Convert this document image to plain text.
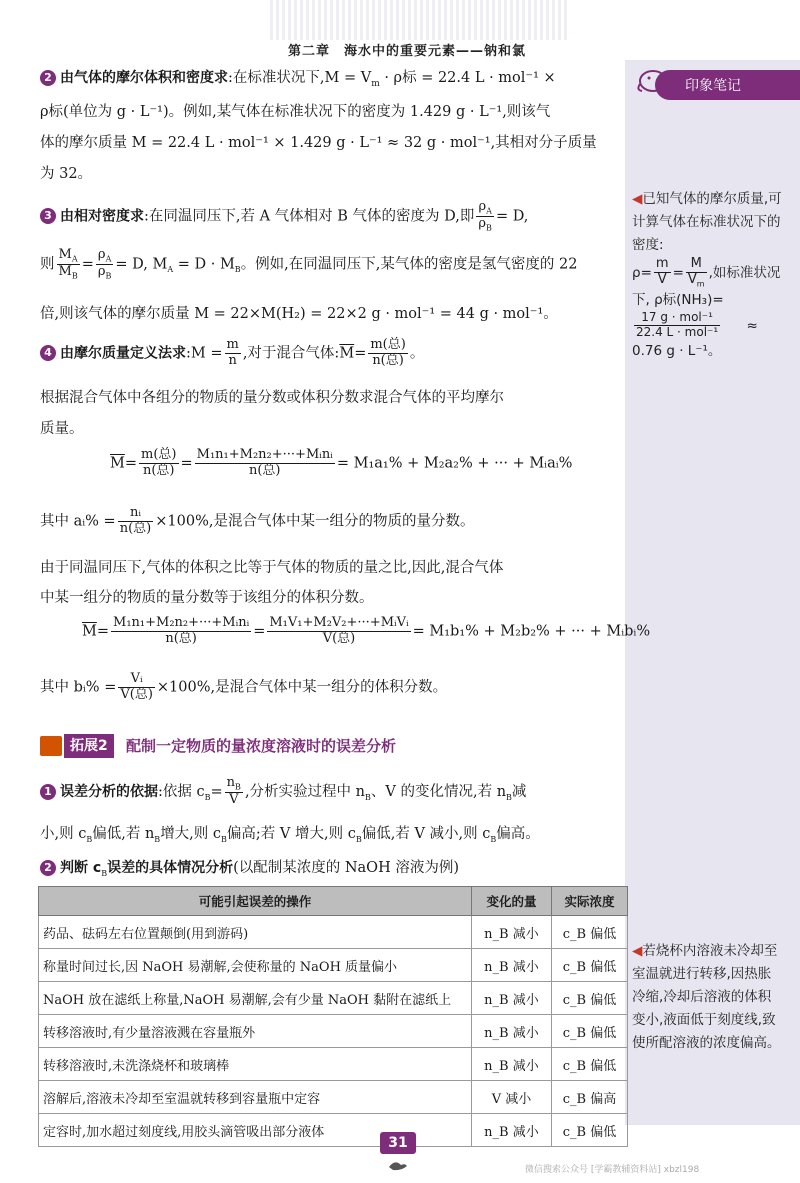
第二章　海水中的重要元素——钠和氯
印象笔记
2 由气体的摩尔体积和密度求:在标准状况下$,M = V_m \cdot \rho$标 = 22.4 L · mol⁻¹ ×
ρ标(单位为 g · L⁻¹)。例如,某气体在标准状况下的密度为 1.429 g · L⁻¹,则该气
体的摩尔质量 M = 22.4 L · mol⁻¹ × 1.429 g · L⁻¹ ≈ 32 g · mol⁻¹,其相对分子质量
为 32。
3 由相对密度求:在同温同压下,若 A 气体相对 B 气体的密度为 D,即 $\frac{\rho_A}{\rho_B} = D$,
则 $\frac{M_A}{M_B} = \frac{\rho_A}{\rho_B} = D$, $M_A = D \cdot M_B$。例如,在同温同压下,某气体的密度是氢气密度的 22
倍,则该气体的摩尔质量 M = 22×M(H₂) = 22×2 g · mol⁻¹ = 44 g · mol⁻¹。
4 由摩尔质量定义法求:M = $\frac{m}{n}$ ,对于混合气体$:\overline{M}= \frac{\text{m(总)}}{\text{n(总)}}$ 。
根据混合气体中各组分的物质的量分数或体积分数求混合气体的平均摩尔
质量。
$\overline{M}= \frac{\text{m(总)}}{\text{n(总)}} = \frac{\text{M₁n₁+M₂n₂+···+Mᵢnᵢ}}{\text{n(总)}} = M_1a_1\% + M_2a_2\%$ + ··· + Mᵢaᵢ%
其中 aᵢ% = $\frac{\text{nᵢ}}{\text{n(总)}} \times 100\%$,是混合气体中某一组分的物质的量分数。
由于同温同压下,气体的体积之比等于气体的物质的量之比,因此,混合气体
中某一组分的物质的量分数等于该组分的体积分数。
$\overline{M}= \frac{\text{M₁n₁+M₂n₂+···+Mᵢnᵢ}}{\text{n(总)}} = \frac{\text{M₁V₁+M₂V₂+···+MᵢVᵢ}}{\text{V(总)}} = M_1b_1\% + M_2b_2\%$ + ··· + Mᵢbᵢ%
其中 bᵢ% = $\frac{\text{Vᵢ}}{\text{V(总)}} \times 100\%$,是混合气体中某一组分的体积分数。
拓展2	配制一定物质的量浓度溶液时的误差分析
1 误差分析的依据:依据 $c_B= \frac{n_B}{V}$ ,分析实验过程中 $n_B$、V 的变化情况,若 $n_B$减
小,则 $c_B$偏低,若 $n_B$增大,则 $c_B$偏高;若 V 增大,则 $c_B$偏低,若 V 减小,则 $c_B$偏高。
2 判断 $c_B$误差的具体情况分析(以配制某浓度的 NaOH 溶液为例)
可能引起误差的操作	变化的量	实际浓度
药品、砝码左右位置颠倒(用到游码)	n_B 减小	c_B 偏低
称量时间过长,因 NaOH 易潮解,会使称量的 NaOH 质量偏小	n_B 减小	c_B 偏低
NaOH 放在滤纸上称量,NaOH 易潮解,会有少量 NaOH 黏附在滤纸上	n_B 减小	c_B 偏低
转移溶液时,有少量溶液溅在容量瓶外	n_B 减小	c_B 偏低
转移溶液时,未洗涤烧杯和玻璃棒	n_B 减小	c_B 偏低
溶解后,溶液未冷却至室温就转移到容量瓶中定容	V 减小	c_B 偏高
定容时,加水超过刻度线,用胶头滴管吸出部分液体	n_B 减小	c_B 偏低
◀已知气体的摩尔质量,可计算气体在标准状况下的密度:
$\rho= \frac{m}{V} = \frac{M}{V_m}$ ,如标准状况下, ρ标(NH₃)=

$\frac{\text{17 g · mol⁻¹}}{\text{22.4 L · mol⁻¹}}$ ≈
0.76 g · L⁻¹。
◀若烧杯内溶液未冷却至室温就进行转移,因热胀冷缩,冷却后溶液的体积变小,液面低于刻度线,致使所配溶液的浓度偏高。
31
微信搜索公众号 [学霸教辅资料站] xbzl198
